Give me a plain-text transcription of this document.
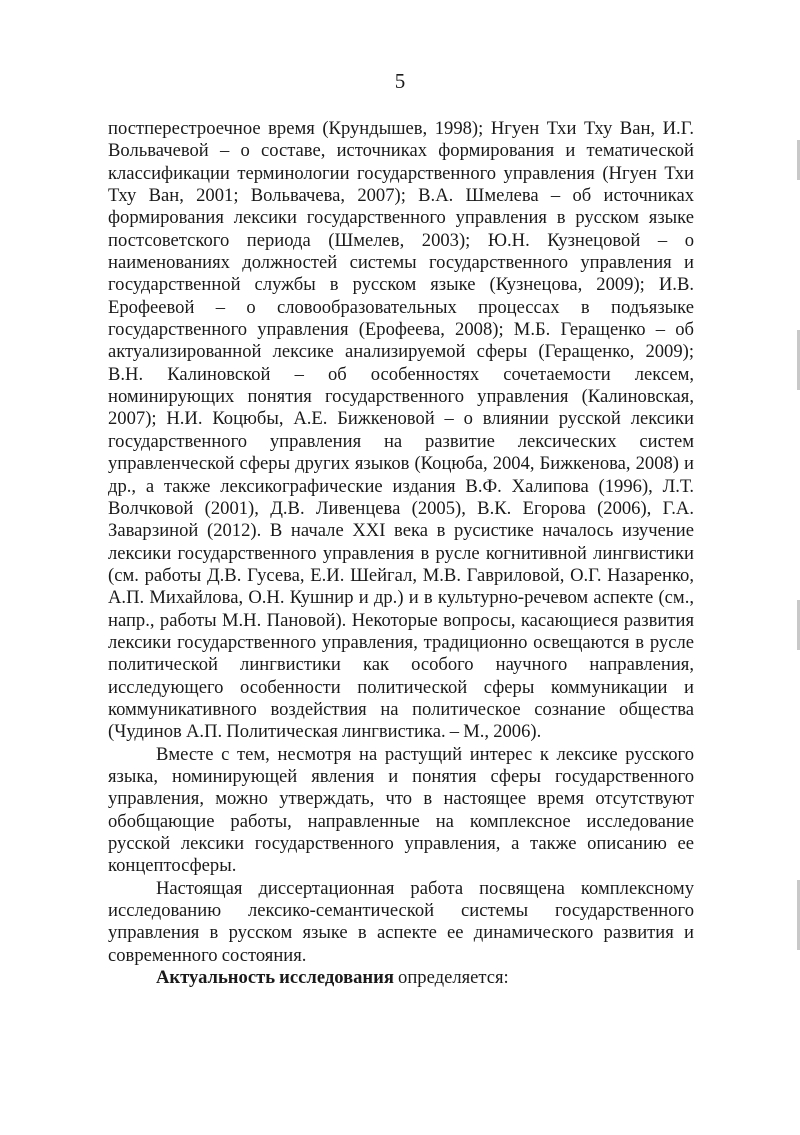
5

постперестроечное время (Крундышев, 1998); Нгуен Тхи Тху Ван, И.Г. Вольвачевой – о составе, источниках формирования и тематической классификации терминологии государственного управления (Нгуен Тхи Тху Ван, 2001; Вольвачева, 2007); В.А. Шмелева – об источниках формирования лексики государственного управления в русском языке постсоветского периода (Шмелев, 2003); Ю.Н. Кузнецовой – о наименованиях должностей системы государственного управления и государственной службы в русском языке (Кузнецова, 2009); И.В. Ерофеевой – о словообразовательных процессах в подъязыке государственного управления (Ерофеева, 2008); М.Б. Геращенко – об актуализированной лексике анализируемой сферы (Геращенко, 2009); В.Н. Калиновской – об особенностях сочетаемости лексем, номинирующих понятия государственного управления (Калиновская, 2007); Н.И. Коцюбы, А.Е. Бижкеновой – о влиянии русской лексики государственного управления на развитие лексических систем управленческой сферы других языков (Коцюба, 2004, Бижкенова, 2008) и др., а также лексикографические издания В.Ф. Халипова (1996), Л.Т. Волчковой (2001), Д.В. Ливенцева (2005), В.К. Егорова (2006), Г.А. Заварзиной (2012). В начале XXI века в русистике началось изучение лексики государственного управления в русле когнитивной лингвистики (см. работы Д.В. Гусева, Е.И. Шейгал, М.В. Гавриловой, О.Г. Назаренко, А.П. Михайлова, О.Н. Кушнир и др.) и в культурно-речевом аспекте (см., напр., работы М.Н. Пановой). Некоторые вопросы, касающиеся развития лексики государственного управления, традиционно освещаются в русле политической лингвистики как особого научного направления, исследующего особенности политической сферы коммуникации и коммуникативного воздействия на политическое сознание общества (Чудинов А.П. Политическая лингвистика. – М., 2006).

Вместе с тем, несмотря на растущий интерес к лексике русского языка, номинирующей явления и понятия сферы государственного управления, можно утверждать, что в настоящее время отсутствуют обобщающие работы, направленные на комплексное исследование русской лексики государственного управления, а также описанию ее концептосферы.

Настоящая диссертационная работа посвящена комплексному исследованию лексико-семантической системы государственного управления в русском языке в аспекте ее динамического развития и современного состояния.

Актуальность исследования определяется:
